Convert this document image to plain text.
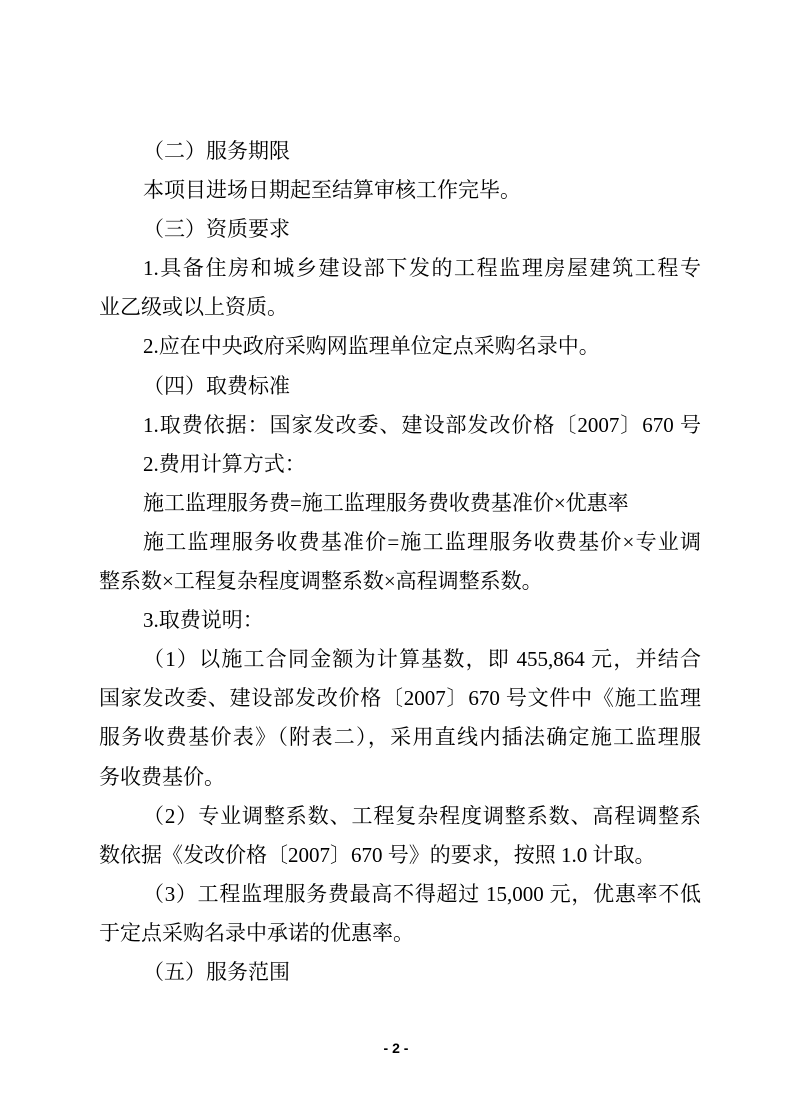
（二）服务期限
本项目进场日期起至结算审核工作完毕。
（三）资质要求
1.具备住房和城乡建设部下发的工程监理房屋建筑工程专
业乙级或以上资质。
2.应在中央政府采购网监理单位定点采购名录中。
（四）取费标准
1.取费依据：国家发改委、建设部发改价格〔2007〕670 号
2.费用计算方式：
施工监理服务费=施工监理服务费收费基准价×优惠率
施工监理服务收费基准价=施工监理服务收费基价×专业调
整系数×工程复杂程度调整系数×高程调整系数。
3.取费说明：
（1）以施工合同金额为计算基数，即 455,864 元，并结合
国家发改委、建设部发改价格〔2007〕670 号文件中《施工监理
服务收费基价表》（附表二），采用直线内插法确定施工监理服
务收费基价。
（2）专业调整系数、工程复杂程度调整系数、高程调整系
数依据《发改价格〔2007〕670 号》的要求，按照 1.0 计取。
（3）工程监理服务费最高不得超过 15,000 元，优惠率不低
于定点采购名录中承诺的优惠率。
（五）服务范围
- 2 -
